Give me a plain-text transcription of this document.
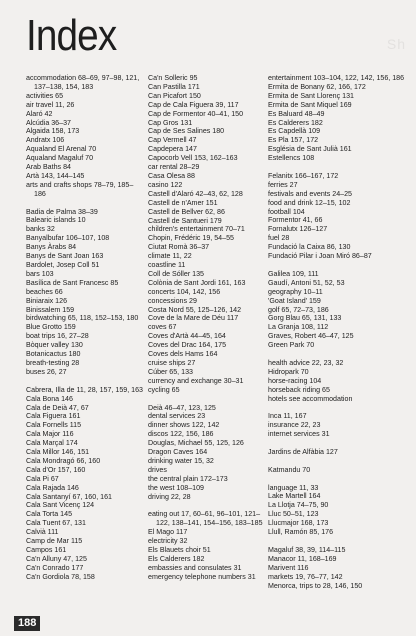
Sh
Index
accommodation 68–69, 97–98, 121, 137–138, 154, 183
activities 65
air travel 11, 26
Alaró 42
Alcúdia 36–37
Algaida 158, 173
Andratx 106
Aqualand El Arenal 70
Aqualand Magaluf 70
Arab Baths 84
Artà 143, 144–145
arts and crafts shops 78–79, 185–186
Badia de Palma 38–39
Balearic islands 10
banks 32
Banyalbufar 106–107, 108
Banys Àrabs 84
Banys de Sant Joan 163
Bardolet, Josep Coll 51
bars 103
Basílica de Sant Francesc 85
beaches 66
Biniaraix 126
Binissalem 159
birdwatching 65, 118, 152–153, 180
Blue Grotto 159
boat trips 16, 27–28
Bòquer valley 130
Botanicactus 180
breath-testing 28
buses 26, 27
Cabrera, Illa de 11, 28, 157, 159, 163
Cala Bona 146
Cala de Deià 47, 67
Cala Figuera 161
Cala Fornells 115
Cala Major 116
Cala Marçal 174
Cala Millor 146, 151
Cala Mondragó 66, 160
Cala d'Or 157, 160
Cala Pi 67
Cala Rajada 146
Cala Santanyí 67, 160, 161
Cala Sant Vicenç 124
Cala Torta 145
Cala Tuent 67, 131
Calvià 111
Camp de Mar 115
Campos 161
Ca'n Alluny 47, 125
Ca'n Conrado 177
Ca'n Gordiola 78, 158
Ca'n Solleric 95
Can Pastilla 171
Can Picafort 150
Cap de Cala Figuera 39, 117
Cap de Formentor 40–41, 150
Cap Gros 131
Cap de Ses Salines 180
Cap Vermell 47
Capdepera 147
Capocorb Vell 153, 162–163
car rental 28–29
Casa Olesa 88
casino 122
Castell d'Alaró 42–43, 62, 128
Castell de n'Amer 151
Castell de Bellver 62, 86
Castell de Santueri 179
children's entertainment 70–71
Chopin, Frédéric 19, 54–55
Ciutat Romà 36–37
climate 11, 22
coastline 11
Coll de Sóller 135
Colònia de Sant Jordi 161, 163
concerts 104, 142, 156
concessions 29
Costa Nord 55, 125–126, 142
Cove de la Mare de Déu 117
coves 67
Coves d'Artà 44–45, 164
Coves del Drac 164, 175
Coves dels Hams 164
cruise ships 27
Cúber 65, 133
currency and exchange 30–31
cycling 65
Deià 46–47, 123, 125
dental services 23
dinner shows 122, 142
discos 122, 156, 186
Douglas, Michael 55, 125, 126
Dragon Caves 164
drinking water 15, 32
drives
the central plain 172–173
the west 108–109
driving 22, 28
eating out 17, 60–61, 96–101, 121–122, 138–141, 154–156, 183–185
El Mago 117
electricity 32
Els Blauets choir 51
Els Calderers 182
embassies and consulates 31
emergency telephone numbers 31
entertainment 103–104, 122, 142, 156, 186
Ermita de Bonany 62, 166, 172
Ermita de Sant Llorenç 131
Ermita de Sant Miquel 169
Es Baluard 48–49
Es Calderers 182
Es Capdellà 109
Es Pla 157, 172
Església de Sant Julià 161
Estellencs 108
Felanitx 166–167, 172
ferries 27
festivals and events 24–25
food and drink 12–15, 102
football 104
Formentor 41, 66
Fornalutx 126–127
fuel 28
Fundació la Caixa 86, 130
Fundació Pilar i Joan Miró 86–87
Galilea 109, 111
Gaudí, Antoni 51, 52, 53
geography 10–11
'Goat Island' 159
golf 65, 72–73, 186
Gorg Blau 65, 131, 133
La Granja 108, 112
Graves, Robert 46–47, 125
Green Park 70
health advice 22, 23, 32
Hidropark 70
horse-racing 104
horseback riding 65
hotels see accommodation
Inca 11, 167
insurance 22, 23
internet services 31
Jardins de Alfàbia 127
Katmandu 70
language 11, 33
Lake Martell 164
La Llotja 74–75, 90
Lluc 50–51, 123
Llucmajor 168, 173
Llull, Ramón 85, 176
Magaluf 38, 39, 114–115
Manacor 11, 168–169
Marivent 116
markets 19, 76–77, 142
Menorca, trips to 28, 146, 150
188
